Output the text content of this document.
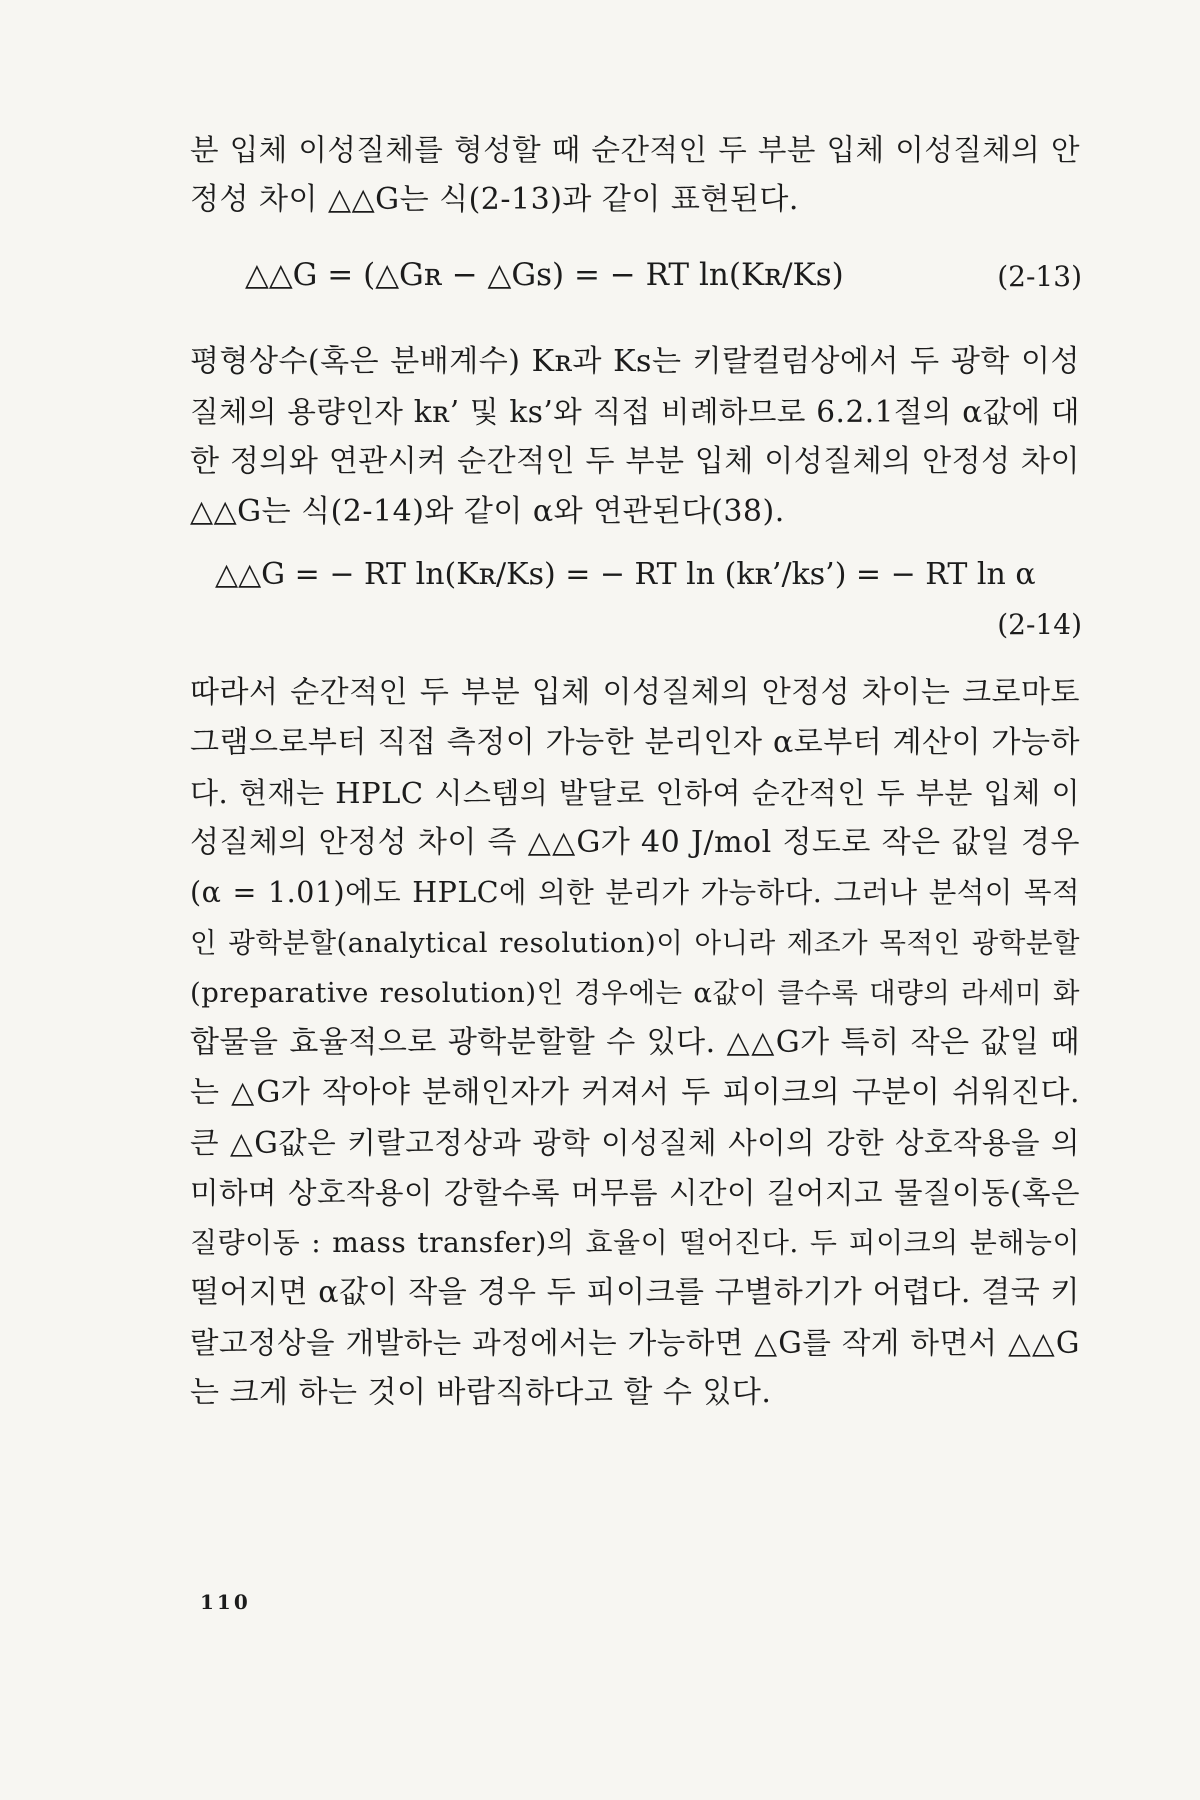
분 입체 이성질체를 형성할 때 순간적인 두 부분 입체 이성질체의 안
정성 차이 △△G는 식(2-13)과 같이 표현된다.
△△G = (△Gʀ − △Gꜱ) = − RT ln(Kʀ/Kꜱ)	(2-13)
평형상수(혹은 분배계수) Kʀ과 Kꜱ는 키랄컬럼상에서 두 광학 이성
질체의 용량인자 kʀ’ 및 kꜱ’와 직접 비례하므로 6.2.1절의 α값에 대
한 정의와 연관시켜 순간적인 두 부분 입체 이성질체의 안정성 차이
△△G는 식(2-14)와 같이 α와 연관된다(38).
△△G = − RT ln(Kʀ/Kꜱ) = − RT ln (kʀ’/kꜱ’) = − RT ln α
(2-14)
따라서 순간적인 두 부분 입체 이성질체의 안정성 차이는 크로마토
그램으로부터 직접 측정이 가능한 분리인자 α로부터 계산이 가능하
다. 현재는 HPLC 시스템의 발달로 인하여 순간적인 두 부분 입체 이
성질체의 안정성 차이 즉 △△G가 40 J/mol 정도로 작은 값일 경우
(α = 1.01)에도 HPLC에 의한 분리가 가능하다. 그러나 분석이 목적
인 광학분할(analytical resolution)이 아니라 제조가 목적인 광학분할
(preparative resolution)인 경우에는 α값이 클수록 대량의 라세미 화
합물을 효율적으로 광학분할할 수 있다. △△G가 특히 작은 값일 때
는 △G가 작아야 분해인자가 커져서 두 피이크의 구분이 쉬워진다.
큰 △G값은 키랄고정상과 광학 이성질체 사이의 강한 상호작용을 의
미하며 상호작용이 강할수록 머무름 시간이 길어지고 물질이동(혹은
질량이동 : mass transfer)의 효율이 떨어진다. 두 피이크의 분해능이
떨어지면 α값이 작을 경우 두 피이크를 구별하기가 어렵다. 결국 키
랄고정상을 개발하는 과정에서는 가능하면 △G를 작게 하면서 △△G
는 크게 하는 것이 바람직하다고 할 수 있다.
110
